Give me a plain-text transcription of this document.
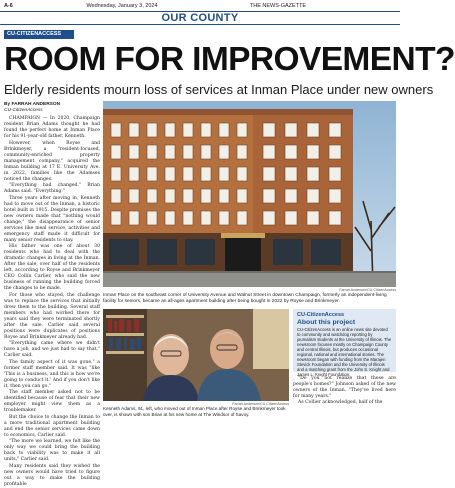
A-6	Wednesday, January 3, 2024	THE NEWS-GAZETTE
OUR COUNTY
CU-CITIZENACCESS
ROOM FOR IMPROVEMENT?
Elderly residents mourn loss of services at Inman Place under new owners
By FARRAH ANDERSON
CU-CitizenAccess

CHAMPAIGN — In 2020, Champaign resident Brian Adams thought he had found the perfect home at Inman Place for his 91-year-old father, Kenneth.

However, when Royse and Brinkmeyer, a "resident-focused, community-enriched property management company," acquired the Inman building at 17 E. University Ave. in 2022, families like the Adamses noticed the changes.

"Everything had changed," Brian Adams said. "Everything."

Three years after moving in, Kenneth had to move out of the Inman, a historic hotel built in 1915. Despite promises the new owners made that "nothing would change," the disappearance of senior services like meal service, activities and emergency staff made it difficult for many senior residents to stay.

His father was one of about 30 residents who had to deal with the dramatic changes in living at the Inman. After the sale, over half of the residents left, according to Royse and Brinkmeyer CEO Collin Carlier, who said the new business of running the building forced the changes to be made.

For those who stayed, the challenge was to replace the services that initially drew them to the building. Several staff members who had worked there for years said they were terminated shortly after the sale. Carlier said several positions were duplicates of positions Royse and Brinkmeyer already had.

"Everything came where we didn't have a job, and we just had to say that," Carlier said.

The family aspect of it was gone," a former staff member said. It was "like 'This is a business, and this is how we're going to conduct it.' And if you don't like it, then you can go."

The staff member asked not to be identified because of fear that their new employer might view them as a troublemaker.

But the choice to change the Inman to a more traditional apartment building and end the senior services came down to economics, Carlier said.

"The more we learned, we felt like the only way we could bring the building back to viability was to make it all units," Carlier said.

Many residents said they wished the new owners would have tried to figure out a way to make the building profitable

Farrah Anderson/CU-CitizenAccess
Inman Place on the southeast corner of University Avenue and Walnut Street in downtown Champaign, formerly an independent-living facility for seniors, became an all-ages apartment building after being bought in 2022 by Royse and Brinkmeyer.
Farrah Anderson/CU-CitizenAccess
Kenneth Adams, 91, left, who moved out of Inman Place after Royse and Brinkmeyer took over, is shown with son Brian at his new home at The Windsor of Savoy.
CU-CitizenAccess
About this project
CU-CitizenAccess is an online news site devoted to community and watchdog reporting by journalism students at the University of Illinois. The newsroom focuses mostly on Champaign County and central Illinois, but produces occasional regional, national and international stories. The newsroom began with funding from the Marajen Stevick Foundation and the University of Illinois and a matching grant from the John S. Knight and James L. Knight Foundation.

"Do you not realize that these are people's homes?" Johnson asked of the new owners of the Inman. "They've lived here for many years."

As Collier acknowledged, half of the
